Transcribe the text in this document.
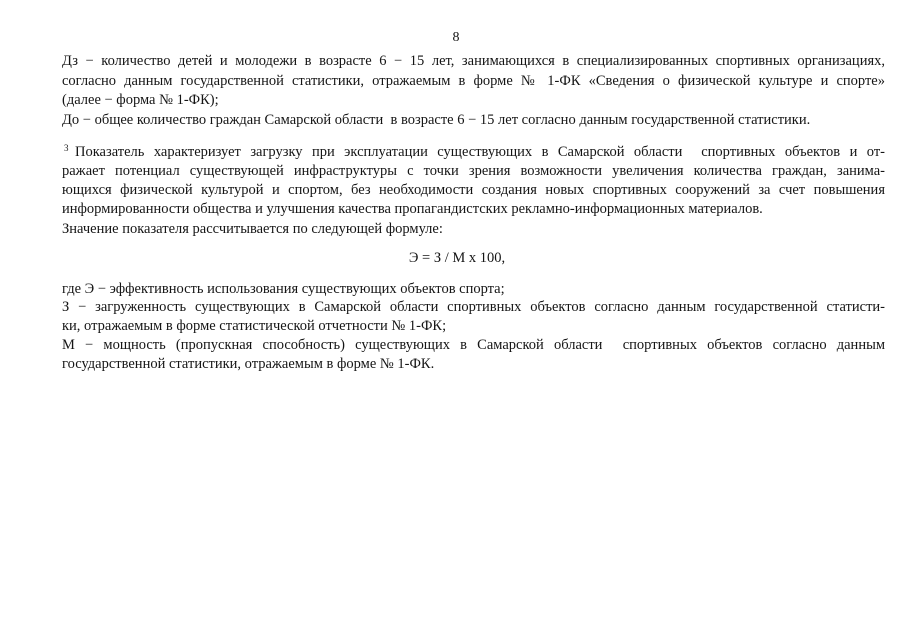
8
Дз − количество детей и молодежи в возрасте 6 − 15 лет, занимающихся в специализированных спортивных организациях,
согласно данным государственной статистики, отражаемым в форме № 1-ФК «Сведения о физической культуре и спорте»
(далее − форма № 1-ФК);
До − общее количество граждан Самарской области  в возрасте 6 − 15 лет согласно данным государственной статистики.
3 Показатель характеризует загрузку при эксплуатации существующих в Самарской области  спортивных объектов и от-
ражает потенциал существующей инфраструктуры с точки зрения возможности увеличения количества граждан, занима-
ющихся физической культурой и спортом, без необходимости создания новых спортивных сооружений за счет повышения
информированности общества и улучшения качества пропагандистских рекламно-информационных материалов.
Значение показателя рассчитывается по следующей формуле:
Э = З / М х 100,
где Э − эффективность использования существующих объектов спорта;
З − загруженность существующих в Самарской области спортивных объектов согласно данным государственной статисти-
ки, отражаемым в форме статистической отчетности № 1-ФК;
М − мощность (пропускная способность) существующих в Самарской области  спортивных объектов согласно данным
государственной статистики, отражаемым в форме № 1-ФК.
